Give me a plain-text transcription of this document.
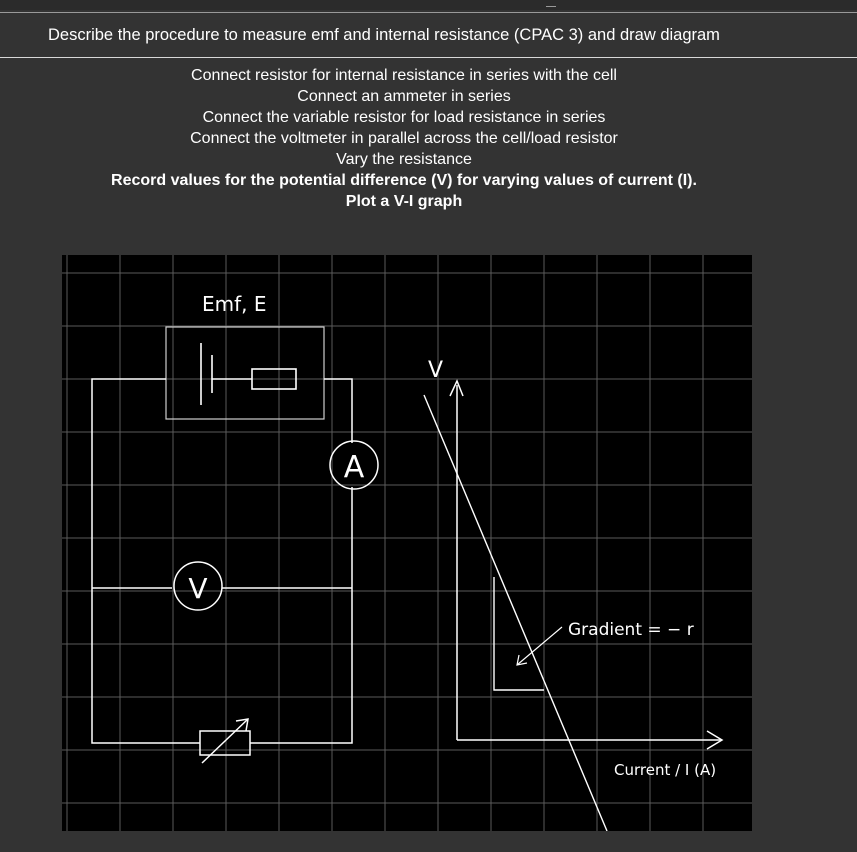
Describe the procedure to measure emf and internal resistance (CPAC 3) and draw diagram
Connect resistor for internal resistance in series with the cell
Connect an ammeter in series
Connect the variable resistor for load resistance in series
Connect the voltmeter in parallel across the cell/load resistor
Vary the resistance
Record values for the potential difference (V) for varying values of current (I).
Plot a V-I graph
A
V
Emf, E
V
Current / I (A)
Gradient = − r
